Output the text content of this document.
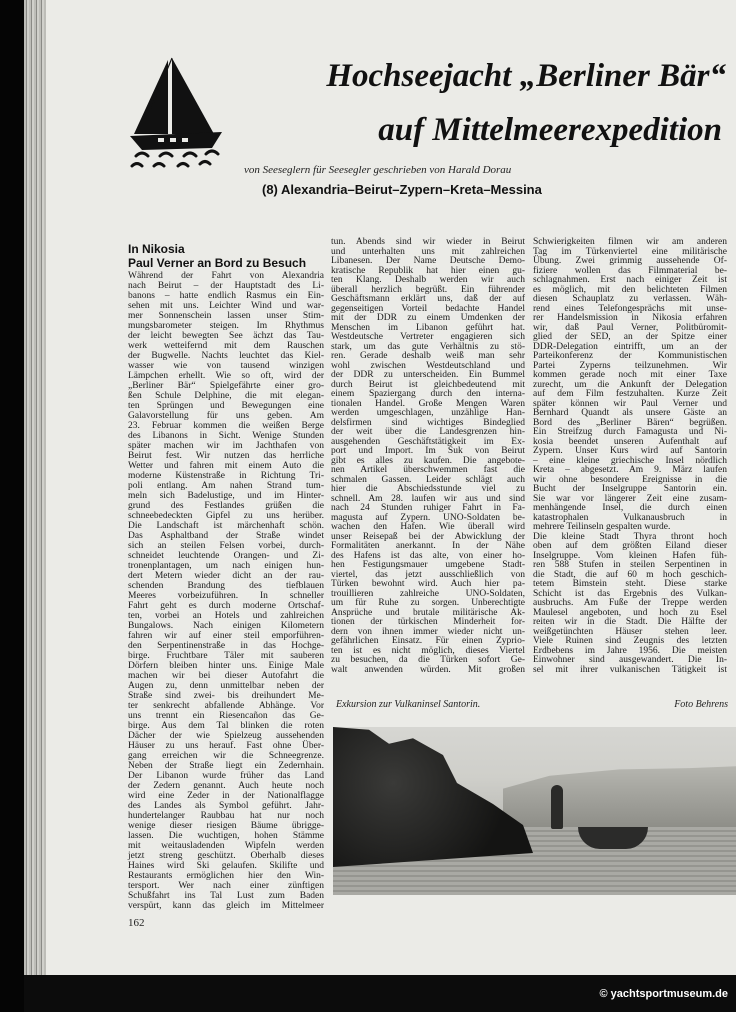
Hochseejacht „Berliner Bär“
auf Mittelmeerexpedition
von Seeseglern für Seesegler geschrieben von Harald Dorau
(8) Alexandria–Beirut–Zypern–Kreta–Messina
In Nikosia
Paul Verner an Bord zu Besuch
Während der Fahrt von Alexandria
nach Beirut – der Hauptstadt des Li-
banons – hatte endlich Rasmus ein Ein-
sehen mit uns. Leichter Wind und war-
mer Sonnenschein lassen unser Stim-
mungsbarometer steigen. Im Rhythmus
der leicht bewegten See ächzt das Tau-
werk wetteifernd mit dem Rauschen
der Bugwelle. Nachts leuchtet das Kiel-
wasser wie von tausend winzigen
Lämpchen erhellt. Wie so oft, wird der
„Berliner Bär“ Spielgefährte einer gro-
ßen Schule Delphine, die mit elegan-
ten Sprüngen und Bewegungen eine
Galavorstellung für uns geben. Am
23. Februar kommen die weißen Berge
des Libanons in Sicht. Wenige Stunden
später machen wir im Jachthafen von
Beirut fest. Wir nutzen das herrliche
Wetter und fahren mit einem Auto die
moderne Küstenstraße in Richtung Tri-
poli entlang. Am nahen Strand tum-
meln sich Badelustige, und im Hinter-
grund des Festlandes grüßen die
schneebedeckten Gipfel zu uns herüber.
Die Landschaft ist märchenhaft schön.
Das Asphaltband der Straße windet
sich an steilen Felsen vorbei, durch-
schneidet leuchtende Orangen- und Zi-
tronenplantagen, um nach einigen hun-
dert Metern wieder dicht an der rau-
schenden Brandung des tiefblauen
Meeres vorbeizuführen. In schneller
Fahrt geht es durch moderne Ortschaf-
ten, vorbei an Hotels und zahlreichen
Bungalows. Nach einigen Kilometern
fahren wir auf einer steil emporführen-
den Serpentinenstraße in das Hochge-
birge. Fruchtbare Täler mit sauberen
Dörfern bleiben hinter uns. Einige Male
machen wir bei dieser Autofahrt die
Augen zu, denn unmittelbar neben der
Straße sind zwei- bis dreihundert Me-
ter senkrecht abfallende Abhänge. Vor
uns trennt ein Riesencañon das Ge-
birge. Aus dem Tal blinken die roten
Dächer der wie Spielzeug aussehenden
Häuser zu uns herauf. Fast ohne Über-
gang erreichen wir die Schneegrenze.
Neben der Straße liegt ein Zedernhain.
Der Libanon wurde früher das Land
der Zedern genannt. Auch heute noch
wird eine Zeder in der Nationalflagge
des Landes als Symbol geführt. Jahr-
hundertelanger Raubbau hat nur noch
wenige dieser riesigen Bäume übrigge-
lassen. Die wuchtigen, hohen Stämme
mit weitausladenden Wipfeln werden
jetzt streng geschützt. Oberhalb dieses
Haines wird Ski gelaufen. Skilifte und
Restaurants ermöglichen hier den Win-
tersport. Wer nach einer zünftigen
Schußfahrt ins Tal Lust zum Baden
verspürt, kann das gleich im Mittelmeer
tun. Abends sind wir wieder in Beirut
und unterhalten uns mit zahlreichen
Libanesen. Der Name Deutsche Demo-
kratische Republik hat hier einen gu-
ten Klang. Deshalb werden wir auch
überall herzlich begrüßt. Ein führender
Geschäftsmann erklärt uns, daß der auf
gegenseitigen Vorteil bedachte Handel
mit der DDR zu einem Umdenken der
Menschen im Libanon geführt hat.
Westdeutsche Vertreter engagieren sich
stark, um das gute Verhältnis zu stö-
ren. Gerade deshalb weiß man sehr
wohl zwischen Westdeutschland und
der DDR zu unterscheiden. Ein Bummel
durch Beirut ist gleichbedeutend mit
einem Spaziergang durch den interna-
tionalen Handel. Große Mengen Waren
werden umgeschlagen, unzählige Han-
delsfirmen sind wichtiges Bindeglied
der weit über die Landesgrenzen hin-
ausgehenden Geschäftstätigkeit im Ex-
port und Import. Im Suk von Beirut
gibt es alles zu kaufen. Die angebote-
nen Artikel überschwemmen fast die
schmalen Gassen. Leider schlägt auch
hier die Abschiedsstunde viel zu
schnell. Am 28. laufen wir aus und sind
nach 24 Stunden ruhiger Fahrt in Fa-
magusta auf Zypern. UNO-Soldaten be-
wachen den Hafen. Wie überall wird
unser Reisepaß bei der Abwicklung der
Formalitäten anerkannt. In der Nähe
des Hafens ist das alte, von einer ho-
hen Festigungsmauer umgebene Stadt-
viertel, das jetzt ausschließlich von
Türken bewohnt wird. Auch hier pa-
trouillieren zahlreiche UNO-Soldaten,
um für Ruhe zu sorgen. Unberechtigte
Ansprüche und brutale militärische Ak-
tionen der türkischen Minderheit for-
dern von ihnen immer wieder nicht un-
gefährlichen Einsatz. Für einen Zyprio-
ten ist es nicht möglich, dieses Viertel
zu besuchen, da die Türken sofort Ge-
walt anwenden würden. Mit großen
Schwierigkeiten filmen wir am anderen
Tag im Türkenviertel eine militärische
Übung. Zwei grimmig aussehende Of-
fiziere wollen das Filmmaterial be-
schlagnahmen. Erst nach einiger Zeit ist
es möglich, mit den belichteten Filmen
diesen Schauplatz zu verlassen. Wäh-
rend eines Telefongesprächs mit unse-
rer Handelsmission in Nikosia erfahren
wir, daß Paul Verner, Politbüromit-
glied der SED, an der Spitze einer
DDR-Delegation eintrifft, um an der
Parteikonferenz der Kommunistischen
Partei Zyperns teilzunehmen. Wir
kommen gerade noch mit einer Taxe
zurecht, um die Ankunft der Delegation
auf dem Film festzuhalten. Kurze Zeit
später können wir Paul Verner und
Bernhard Quandt als unsere Gäste an
Bord des „Berliner Bären“ begrüßen.
Ein Streifzug durch Famagusta und Ni-
kosia beendet unseren Aufenthalt auf
Zypern. Unser Kurs wird auf Santorin
– eine kleine griechische Insel nördlich
Kreta – abgesetzt. Am 9. März laufen
wir ohne besondere Ereignisse in die
Bucht der Inselgruppe Santorin ein.
Sie war vor längerer Zeit eine zusam-
menhängende Insel, die durch einen
katastrophalen Vulkanausbruch in
mehrere Teilinseln gespalten wurde.
Die kleine Stadt Thyra thront hoch
oben auf dem größten Eiland dieser
Inselgruppe. Vom kleinen Hafen füh-
ren 588 Stufen in steilen Serpentinen in
die Stadt, die auf 60 m hoch geschich-
tetem Bimstein steht. Diese starke
Schicht ist das Ergebnis des Vulkan-
ausbruchs. Am Fuße der Treppe werden
Maulesel angeboten, und hoch zu Esel
reiten wir in die Stadt. Die Hälfte der
weißgetünchten Häuser stehen leer.
Viele Ruinen sind Zeugnis des letzten
Erdbebens im Jahre 1956. Die meisten
Einwohner sind ausgewandert. Die In-
sel mit ihrer vulkanischen Tätigkeit ist
Exkursion zur Vulkaninsel Santorin.	Foto Behrens
162
© yachtsportmuseum.de
